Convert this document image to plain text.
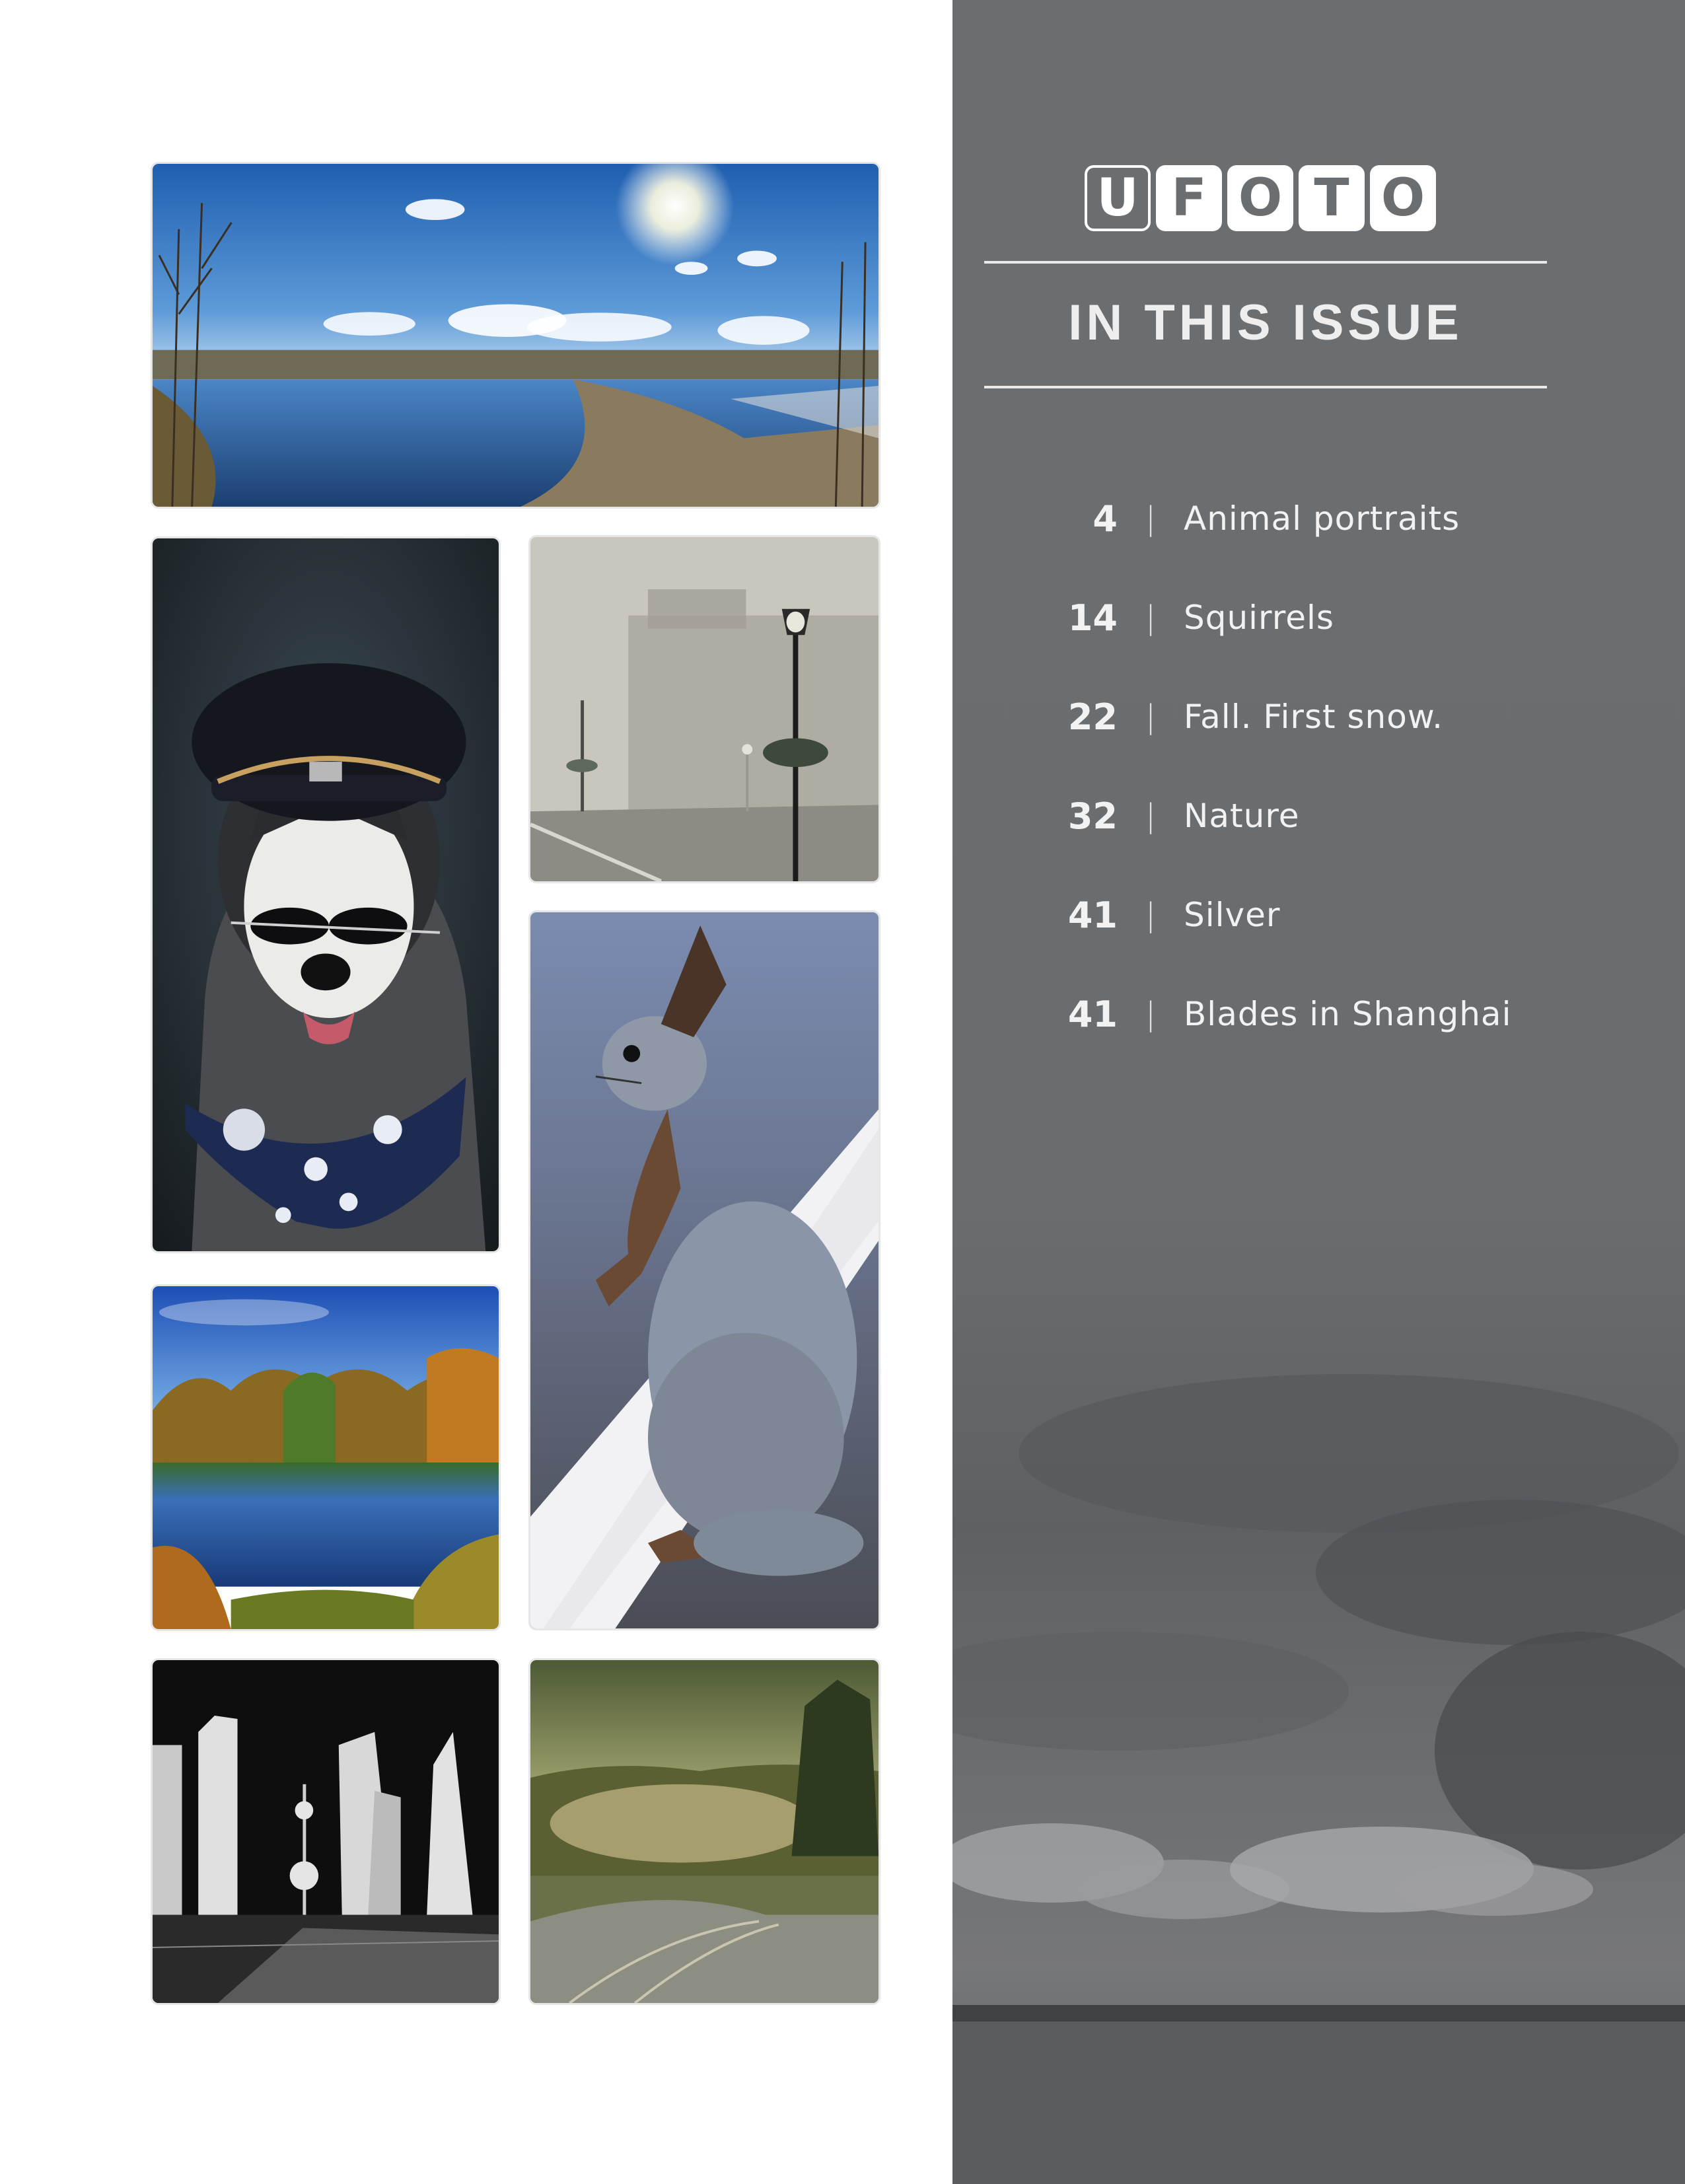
U F O T O
IN THIS ISSUE
4 | Animal portraits
14 | Squirrels
22 | Fall. First snow.
32 | Nature
41 | Silver
41 | Blades in Shanghai
